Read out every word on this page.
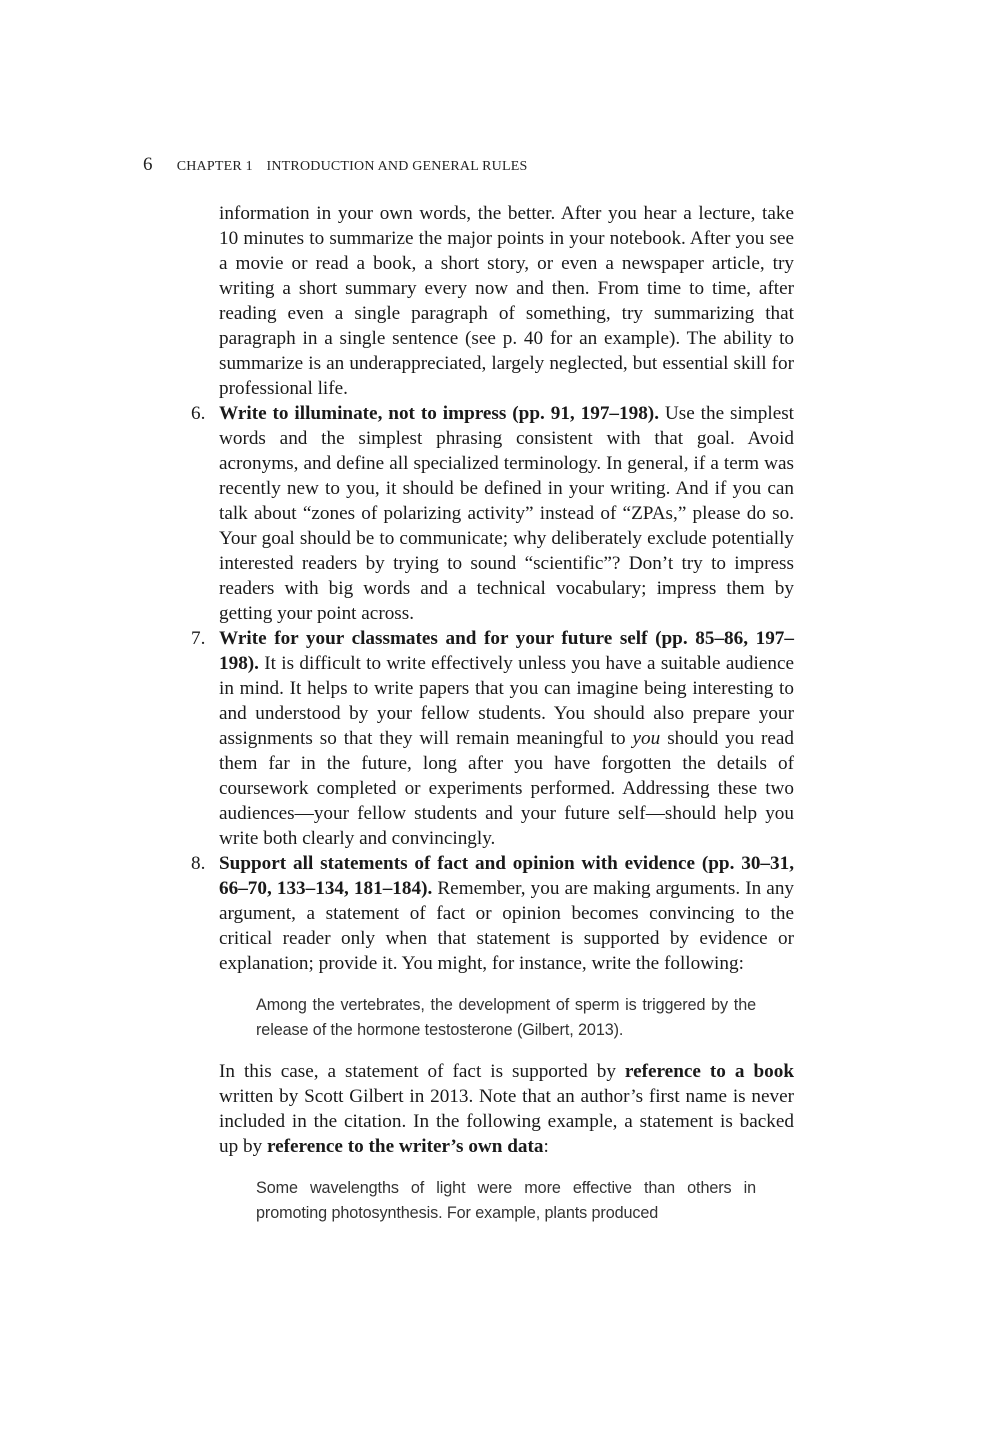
6 CHAPTER 1 INTRODUCTION AND GENERAL RULES

information in your own words, the better. After you hear a lecture, take 10 minutes to summarize the major points in your notebook. After you see a movie or read a book, a short story, or even a newspaper article, try writing a short summary every now and then. From time to time, after reading even a single paragraph of something, try summarizing that paragraph in a single sentence (see p. 40 for an example). The ability to summarize is an underappreciated, largely neglected, but essential skill for professional life.

6. Write to illuminate, not to impress (pp. 91, 197–198). Use the simplest words and the simplest phrasing consistent with that goal. Avoid acronyms, and define all specialized terminology. In general, if a term was recently new to you, it should be defined in your writing. And if you can talk about “zones of polarizing activity” instead of “ZPAs,” please do so. Your goal should be to communicate; why deliberately exclude potentially interested readers by trying to sound “scientific”? Don’t try to impress readers with big words and a technical vocabulary; impress them by getting your point across.
7. Write for your classmates and for your future self (pp. 85–86, 197–198). It is difficult to write effectively unless you have a suitable audience in mind. It helps to write papers that you can imagine being interesting to and understood by your fellow students. You should also prepare your assignments so that they will remain meaningful to you should you read them far in the future, long after you have forgotten the details of coursework completed or experiments performed. Addressing these two audiences—your fellow students and your future self—should help you write both clearly and convincingly.
8. Support all statements of fact and opinion with evidence (pp. 30–31, 66–70, 133–134, 181–184). Remember, you are making arguments. In any argument, a statement of fact or opinion becomes convincing to the critical reader only when that statement is supported by evidence or explanation; provide it. You might, for instance, write the following:

Among the vertebrates, the development of sperm is triggered by the release of the hormone testosterone (Gilbert, 2013).

In this case, a statement of fact is supported by reference to a book written by Scott Gilbert in 2013. Note that an author’s first name is never included in the citation. In the following example, a statement is backed up by reference to the writer’s own data:

Some wavelengths of light were more effective than others in promoting photosynthesis. For example, plants produced
